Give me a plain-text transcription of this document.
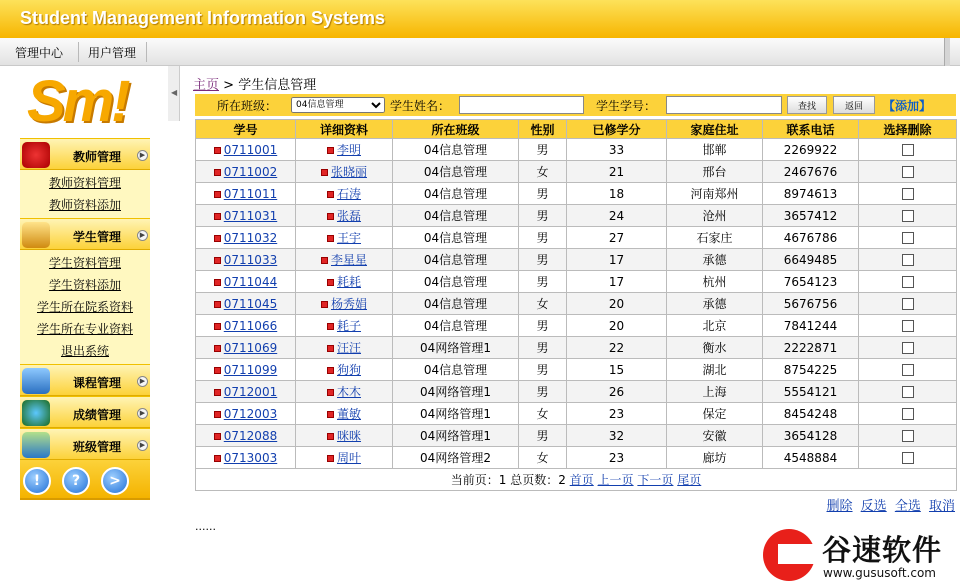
Student Management Information Systems
管理中心 用户管理
◀
Sm!
教师管理	▶
教师资料管理
教师资料添加
学生管理	▶
学生资料管理
学生资料添加
学生所在院系资料
学生所在专业资料
退出系统
课程管理	▶
成绩管理	▶
班级管理	▶
!	?	>
主页 > 学生信息管理
所在班级：
04信息管理	学生姓名：	学生学号：	查找	返回	【添加】
学号	详细资料	所在班级	性别	已修学分	家庭住址	联系电话	选择删除
0711001	李明	04信息管理	男	33	邯郸	2269922	
0711002	张晓丽	04信息管理	女	21	邢台	2467676	
0711011	石涛	04信息管理	男	18	河南郑州	8974613	
0711031	张磊	04信息管理	男	24	沧州	3657412	
0711032	王宇	04信息管理	男	27	石家庄	4676786	
0711033	李星星	04信息管理	男	17	承德	6649485	
0711044	耗耗	04信息管理	男	17	杭州	7654123	
0711045	杨秀娟	04信息管理	女	20	承德	5676756	
0711066	耗子	04信息管理	男	20	北京	7841244	
0711069	汪汪	04网络管理1	男	22	衡水	2222871	
0711099	狗狗	04信息管理	男	15	湖北	8754225	
0712001	木木	04网络管理1	男	26	上海	5554121	
0712003	董敏	04网络管理1	女	23	保定	8454248	
0712088	咪咪	04网络管理1	男	32	安徽	3654128	
0713003	周叶	04网络管理2	女	23	廊坊	4548884	
当前页：1 总页数：2 首页 上一页 下一页 尾页							
删除 反选 全选 取消
......
谷速软件
www.gususoft.com
